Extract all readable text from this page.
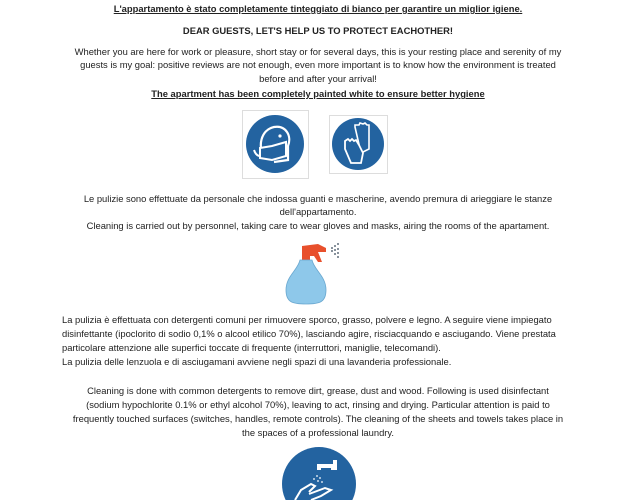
L'appartamento è stato completamente tinteggiato di bianco per garantire un miglior igiene.
DEAR GUESTS, LET'S HELP US TO PROTECT EACHOTHER!
Whether you are here for work or pleasure, short stay or for several days, this is your resting place and serenity of my
guests is my goal: positive reviews are not enough, even more important is to know how the environment is treated
before and after your arrival!
The apartment has been completely painted white to ensure better hygiene
Le pulizie sono effettuate da personale che indossa guanti e mascherine, avendo premura di arieggiare le stanze
dell'appartamento.
Cleaning is carried out by personnel, taking care to wear gloves and masks, airing the rooms of the apartament.
La pulizia è effettuata con detergenti comuni per rimuovere sporco, grasso, polvere e legno. A seguire viene impiegato
disinfettante (ipoclorito di sodio 0,1% o alcool etilico 70%), lasciando agire, risciacquando e asciugando. Viene prestata
particolare attenzione alle superfici toccate di frequente (interruttori, maniglie, telecomandi).
La pulizia delle lenzuola e di asciugamani avviene negli spazi di una lavanderia professionale.
Cleaning is done with common detergents to remove dirt, grease, dust and wood. Following is used disinfectant
(sodium hypochlorite 0.1% or ethyl alcohol 70%), leaving to act, rinsing and drying. Particular attention is paid to
frequently touched surfaces (switches, handles, remote controls). The cleaning of the sheets and towels takes place in
the spaces of a professional laundry.
